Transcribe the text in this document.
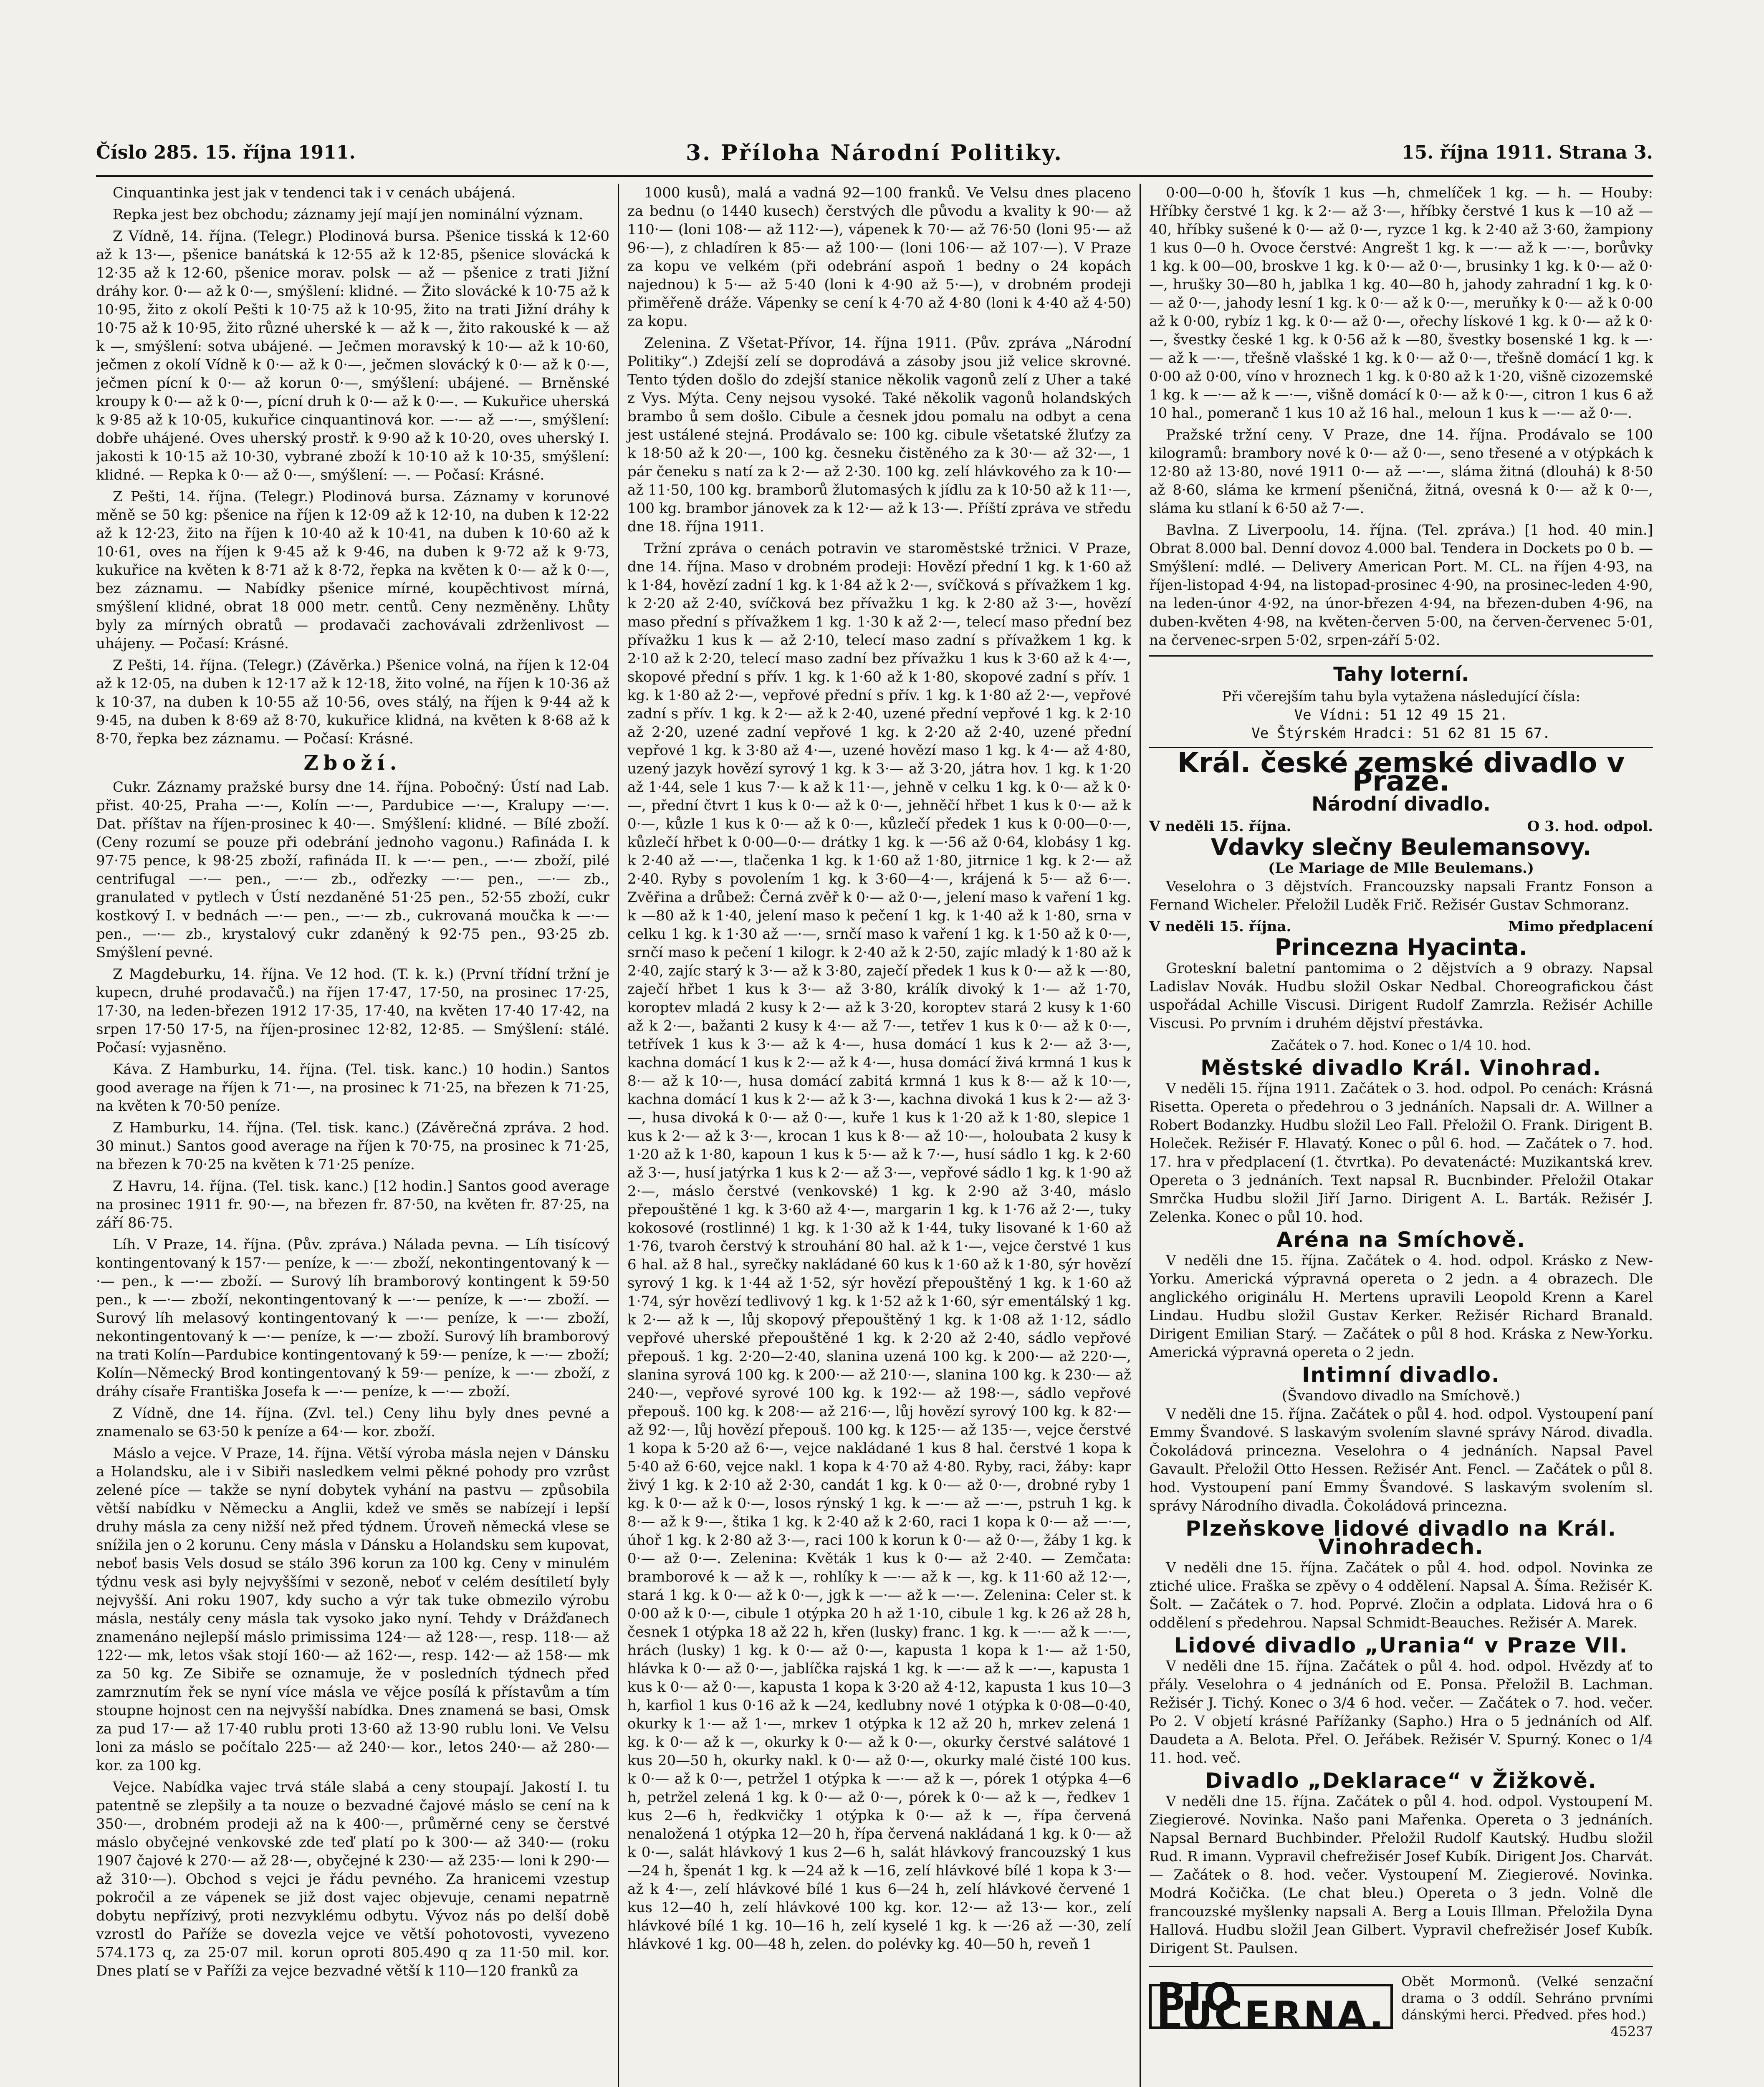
Číslo 285. 15. října 1911.	3. Příloha Národní Politiky.	15. října 1911. Strana 3.

Cinquantinka jest jak v tendenci tak i v cenách ubájená.

Repka jest bez obchodu; záznamy její mají jen nominální význam.

Z Vídně, 14. října. (Telegr.) Plodinová bursa. Pšenice tisská k 12·60 až k 13·—, pšenice banátská k 12·55 až k 12·85, pšenice slovácká k 12·35 až k 12·60, pšenice morav. polsk — až — pšenice z trati Jižní dráhy kor. 0·— až k 0·—, smýšlení: klidné. — Žito slovácké k 10·75 až k 10·95, žito z okolí Pešti k 10·75 až k 10·95, žito na trati Jižní dráhy k 10·75 až k 10·95, žito různé uherské k — až k —, žito rakouské k — až k —, smýšlení: sotva ubájené. — Ječmen moravský k 10·— až k 10·60, ječmen z okolí Vídně k 0·— až k 0·—, ječmen slovácký k 0·— až k 0·—, ječmen pícní k 0·— až korun 0·—, smýšlení: ubájené. — Brněnské kroupy k 0·— až k 0·—, pícní druh k 0·— až k 0·—. — Kukuřice uherská k 9·85 až k 10·05, kukuřice cinquantinová kor. —·— až —·—, smýšlení: dobře uhájené. Oves uherský prostř. k 9·90 až k 10·20, oves uherský I. jakosti k 10·15 až 10·30, vybrané zboží k 10·10 až k 10·35, smýšlení: klidné. — Repka k 0·— až 0·—, smýšlení: —. — Počasí: Krásné.

Z Pešti, 14. října. (Telegr.) Plodinová bursa. Záznamy v korunové měně se 50 kg: pšenice na říjen k 12·09 až k 12·10, na duben k 12·22 až k 12·23, žito na říjen k 10·40 až k 10·41, na duben k 10·60 až k 10·61, oves na říjen k 9·45 až k 9·46, na duben k 9·72 až k 9·73, kukuřice na květen k 8·71 až k 8·72, řepka na květen k 0·— až k 0·—, bez záznamu. — Nabídky pšenice mírné, koupěchtivost mírná, smýšlení klidné, obrat 18 000 metr. centů. Ceny nezměněny. Lhůty byly za mírných obratů — prodavači zachovávali zdrženlivost — uhájeny. — Počasí: Krásné.

Z Pešti, 14. října. (Telegr.) (Závěrka.) Pšenice volná, na říjen k 12·04 až k 12·05, na duben k 12·17 až k 12·18, žito volné, na říjen k 10·36 až k 10·37, na duben k 10·55 až 10·56, oves stálý, na říjen k 9·44 až k 9·45, na duben k 8·69 až 8·70, kukuřice klidná, na květen k 8·68 až k 8·70, řepka bez záznamu. — Počasí: Krásné.

Zboží.

Cukr. Záznamy pražské bursy dne 14. října. Pobočný: Ústí nad Lab. přist. 40·25, Praha —·—, Kolín —·—, Pardubice —·—, Kralupy —·—. Dat. příštav na říjen-prosinec k 40·—. Smýšlení: klidné. — Bílé zboží. (Ceny rozumí se pouze při odebrání jednoho vagonu.) Rafináda I. k 97·75 pence, k 98·25 zboží, rafináda II. k —·— pen., —·— zboží, pilé centrifugal —·— pen., —·— zb., odřezky —·— pen., —·— zb., granulated v pytlech v Ústí nezdaněné 51·25 pen., 52·55 zboží, cukr kostkový I. v bednách —·— pen., —·— zb., cukrovaná moučka k —·— pen., —·— zb., krystalový cukr zdaněný k 92·75 pen., 93·25 zb. Smýšlení pevné.

Z Magdeburku, 14. října. Ve 12 hod. (T. k. k.) (První třídní tržní je kupecn, druhé prodavačů.) na říjen 17·47, 17·50, na prosinec 17·25, 17·30, na leden-březen 1912 17·35, 17·40, na květen 17·40 17·42, na srpen 17·50 17·5, na říjen-prosinec 12·82, 12·85. — Smýšlení: stálé. Počasí: vyjasněno.

Káva. Z Hamburku, 14. října. (Tel. tisk. kanc.) 10 hodin.) Santos good average na říjen k 71·—, na prosinec k 71·25, na březen k 71·25, na květen k 70·50 peníze.

Z Hamburku, 14. října. (Tel. tisk. kanc.) (Závěrečná zpráva. 2 hod. 30 minut.) Santos good average na říjen k 70·75, na prosinec k 71·25, na březen k 70·25 na květen k 71·25 peníze.

Z Havru, 14. října. (Tel. tisk. kanc.) [12 hodin.] Santos good average na prosinec 1911 fr. 90·—, na březen fr. 87·50, na květen fr. 87·25, na září 86·75.

Líh. V Praze, 14. října. (Pův. zpráva.) Nálada pevna. — Líh tisícový kontingentovaný k 157·— peníze, k —·— zboží, nekontingentovaný k —·— pen., k —·— zboží. — Surový líh bramborový kontingent k 59·50 pen., k —·— zboží, nekontingentovaný k —·— peníze, k —·— zboží. — Surový líh melasový kontingentovaný k —·— peníze, k —·— zboží, nekontingentovaný k —·— peníze, k —·— zboží. Surový líh bramborový na trati Kolín—Pardubice kontingentovaný k 59·— peníze, k —·— zboží; Kolín—Německý Brod kontingentovaný k 59·— peníze, k —·— zboží, z dráhy císaře Františka Josefa k —·— peníze, k —·— zboží.

Z Vídně, dne 14. října. (Zvl. tel.) Ceny lihu byly dnes pevné a znamenalo se 63·50 k peníze a 64·— kor. zboží.

Máslo a vejce. V Praze, 14. října. Větší výroba másla nejen v Dánsku a Holandsku, ale i v Sibiři nasledkem velmi pěkné pohody pro vzrůst zelené píce — takže se nyní dobytek vyhání na pastvu — způsobila větší nabídku v Německu a Anglii, kdež ve směs se nabízejí i lepší druhy másla za ceny nižší než před týdnem. Úroveň německá vlese se snížila jen o 2 korunu. Ceny másla v Dánsku a Holandsku sem kupovat, neboť basis Vels dosud se stálo 396 korun za 100 kg. Ceny v minulém týdnu vesk asi byly nejvyššími v sezoně, neboť v celém desítiletí byly nejvyšší. Ani roku 1907, kdy sucho a výr tak tuke obmezilo výrobu másla, nestály ceny másla tak vysoko jako nyní. Tehdy v Drážďanech znamenáno nejlepší máslo primissima 124·— až 128·—, resp. 118·— až 122·— mk, letos však stojí 160·— až 162·—, resp. 142·— až 158·— mk za 50 kg. Ze Sibiře se oznamuje, že v posledních týdnech před zamrznutím řek se nyní více másla ve vějce posílá k přístavům a tím stoupne hojnost cen na nejvyšší nabídka. Dnes znamená se basi, Omsk za pud 17·— až 17·40 rublu proti 13·60 až 13·90 rublu loni. Ve Velsu loni za máslo se počítalo 225·— až 240·— kor., letos 240·— až 280·— kor. za 100 kg.

Vejce. Nabídka vajec trvá stále slabá a ceny stoupají. Jakostí I. tu patentně se zlepšily a ta nouze o bezvadné čajové máslo se cení na k 350·—, drobném prodeji až na k 400·—, průměrné ceny se čerstvé máslo obyčejné venkovské zde teď platí po k 300·— až 340·— (roku 1907 čajové k 270·— až 28·—, obyčejné k 230·— až 235·— loni k 290·— až 310·—). Obchod s vejci je řádu pevného. Za hranicemi vzestup pokročil a ze vápenek se již dost vajec objevuje, cenami nepatrně dobytu nepřízivý, proti nezvyklému odbytu. Vývoz nás po delší době vzrostl do Paříže se dovezla vejce ve větší pohotovosti, vyvezeno 574.173 q, za 25·07 mil. korun oproti 805.490 q za 11·50 mil. kor. Dnes platí se v Paříži za vejce bezvadné větší k 110—120 franků za

1000 kusů), malá a vadná 92—100 franků. Ve Velsu dnes placeno za bednu (o 1440 kusech) čerstvých dle původu a kvality k 90·— až 110·— (loni 108·— až 112·—), vápenek k 70·— až 76·50 (loni 95·— až 96·—), z chladíren k 85·— až 100·— (loni 106·— až 107·—). V Praze za kopu ve velkém (při odebrání aspoň 1 bedny o 24 kopách najednou) k 5·— až 5·40 (loni k 4·90 až 5·—), v drobném prodeji přiměřeně dráže. Vápenky se cení k 4·70 až 4·80 (loni k 4·40 až 4·50) za kopu.

Zelenina. Z Všetat-Přívor, 14. října 1911. (Pův. zpráva „Národní Politiky“.) Zdejší zelí se doprodává a zásoby jsou již velice skrovné. Tento týden došlo do zdejší stanice několik vagonů zelí z Uher a také z Vys. Mýta. Ceny nejsou vysoké. Také několik vagonů holandských brambo ů sem došlo. Cibule a česnek jdou pomalu na odbyt a cena jest ustálené stejná. Prodávalo se: 100 kg. cibule všetatské žluťzy za k 18·50 až k 20·—, 100 kg. česneku čistěného za k 30·— až 32·—, 1 pár čeneku s natí za k 2·— až 2·30. 100 kg. zelí hlávkového za k 10·— až 11·50, 100 kg. bramborů žlutomasých k jídlu za k 10·50 až k 11·—, 100 kg. brambor jánovek za k 12·— až k 13·—. Příští zpráva ve středu dne 18. října 1911.

Tržní zpráva o cenách potravin ve staroměstské tržnici. V Praze, dne 14. října. Maso v drobném prodeji: Hovězí přední 1 kg. k 1·60 až k 1·84, hovězí zadní 1 kg. k 1·84 až k 2·—, svíčková s přívažkem 1 kg. k 2·20 až 2·40, svíčková bez přívažku 1 kg. k 2·80 až 3·—, hovězí maso přední s přívažkem 1 kg. 1·30 k až 2·—, telecí maso přední bez přívažku 1 kus k — až 2·10, telecí maso zadní s přívažkem 1 kg. k 2·10 až k 2·20, telecí maso zadní bez přívažku 1 kus k 3·60 až k 4·—, skopové přední s přív. 1 kg. k 1·60 až k 1·80, skopové zadní s přív. 1 kg. k 1·80 až 2·—, vepřové přední s přív. 1 kg. k 1·80 až 2·—, vepřové zadní s přív. 1 kg. k 2·— až k 2·40, uzené přední vepřové 1 kg. k 2·10 až 2·20, uzené zadní vepřové 1 kg. k 2·20 až 2·40, uzené přední vepřové 1 kg. k 3·80 až 4·—, uzené hovězí maso 1 kg. k 4·— až 4·80, uzený jazyk hovězí syrový 1 kg. k 3·— až 3·20, játra hov. 1 kg. k 1·20 až 1·44, sele 1 kus 7·— k až k 11·—, jehně v celku 1 kg. k 0·— až k 0·—, přední čtvrt 1 kus k 0·— až k 0·—, jehněčí hřbet 1 kus k 0·— až k 0·—, kůzle 1 kus k 0·— až k 0·—, kůzlečí předek 1 kus k 0·00—0·—, kůzlečí hřbet k 0·00—0·— drátky 1 kg. k —·56 až 0·64, klobásy 1 kg. k 2·40 až —·—, tlačenka 1 kg. k 1·60 až 1·80, jitrnice 1 kg. k 2·— až 2·40. Ryby s povolením 1 kg. k 3·60—4·—, krájená k 5·— až 6·—. Zvěřina a drůbež: Černá zvěř k 0·— až 0·—, jelení maso k vaření 1 kg. k —80 až k 1·40, jelení maso k pečení 1 kg. k 1·40 až k 1·80, srna v celku 1 kg. k 1·30 až —·—, srnčí maso k vaření 1 kg. k 1·50 až k 0·—, srnčí maso k pečení 1 kilogr. k 2·40 až k 2·50, zajíc mladý k 1·80 až k 2·40, zajíc starý k 3·— až k 3·80, zaječí předek 1 kus k 0·— až k —·80, zaječí hřbet 1 kus k 3·— až 3·80, králík divoký k 1·— až 1·70, koroptev mladá 2 kusy k 2·— až k 3·20, koroptev stará 2 kusy k 1·60 až k 2·—, bažanti 2 kusy k 4·— až 7·—, tetřev 1 kus k 0·— až k 0·—, tetřívek 1 kus k 3·— až k 4·—, husa domácí 1 kus k 2·— až 3·—, kachna domácí 1 kus k 2·— až k 4·—, husa domácí živá krmná 1 kus k 8·— až k 10·—, husa domácí zabitá krmná 1 kus k 8·— až k 10·—, kachna domácí 1 kus k 2·— až k 3·—, kachna divoká 1 kus k 2·— až 3·—, husa divoká k 0·— až 0·—, kuře 1 kus k 1·20 až k 1·80, slepice 1 kus k 2·— až k 3·—, krocan 1 kus k 8·— až 10·—, holoubata 2 kusy k 1·20 až k 1·80, kapoun 1 kus k 5·— až k 7·—, husí sádlo 1 kg. k 2·60 až 3·—, husí jatýrka 1 kus k 2·— až 3·—, vepřové sádlo 1 kg. k 1·90 až 2·—, máslo čerstvé (venkovské) 1 kg. k 2·90 až 3·40, máslo přepouštěné 1 kg. k 3·60 až 4·—, margarin 1 kg. k 1·76 až 2·—, tuky kokosové (rostlinné) 1 kg. k 1·30 až k 1·44, tuky lisované k 1·60 až 1·76, tvaroh čerstvý k strouhání 80 hal. až k 1·—, vejce čerstvé 1 kus 6 hal. až 8 hal., syrečky nakládané 60 kus k 1·60 až k 1·80, sýr hovězí syrový 1 kg. k 1·44 až 1·52, sýr hovězí přepouštěný 1 kg. k 1·60 až 1·74, sýr hovězí tedlivový 1 kg. k 1·52 až k 1·60, sýr ementálský 1 kg. k 2·— až k —, lůj skopový přepouštěný 1 kg. k 1·08 až 1·12, sádlo vepřové uherské přepouštěné 1 kg. k 2·20 až 2·40, sádlo vepřové přepouš. 1 kg. 2·20—2·40, slanina uzená 100 kg. k 200·— až 220·—, slanina syrová 100 kg. k 200·— až 210·—, slanina 100 kg. k 230·— až 240·—, vepřové syrové 100 kg. k 192·— až 198·—, sádlo vepřové přepouš. 100 kg. k 208·— až 216·—, lůj hovězí syrový 100 kg. k 82·— až 92·—, lůj hovězí přepouš. 100 kg. k 125·— až 135·—, vejce čerstvé 1 kopa k 5·20 až 6·—, vejce nakládané 1 kus 8 hal. čerstvé 1 kopa k 5·40 až 6·60, vejce nakl. 1 kopa k 4·70 až 4·80. Ryby, raci, žáby: kapr živý 1 kg. k 2·10 až 2·30, candát 1 kg. k 0·— až 0·—, drobné ryby 1 kg. k 0·— až k 0·—, losos rýnský 1 kg. k —·— až —·—, pstruh 1 kg. k 8·— až k 9·—, štika 1 kg. k 2·40 až k 2·60, raci 1 kopa k 0·— až —·—, úhoř 1 kg. k 2·80 až 3·—, raci 100 k korun k 0·— až 0·—, žáby 1 kg. k 0·— až 0·—. Zelenina: Květák 1 kus k 0·— až 2·40. — Zemčata: bramborové k — až k —, rohlíky k —·— až k —, kg. k 11·60 až 12·—, stará 1 kg. k 0·— až k 0·—, jgk k —·— až k —·—. Zelenina: Celer st. k 0·00 až k 0·—, cibule 1 otýpka 20 h až 1·10, cibule 1 kg. k 26 až 28 h, česnek 1 otýpka 18 až 22 h, křen (lusky) franc. 1 kg. k —·— až k —·—, hrách (lusky) 1 kg. k 0·— až 0·—, kapusta 1 kopa k 1·— až 1·50, hlávka k 0·— až 0·—, jablíčka rajská 1 kg. k —·— až k —·—, kapusta 1 kus k 0·— až 0·—, kapusta 1 kopa k 3·20 až 4·12, kapusta 1 kus 10—3 h, karfiol 1 kus 0·16 až k —24, kedlubny nové 1 otýpka k 0·08—0·40, okurky k 1·— až 1·—, mrkev 1 otýpka k 12 až 20 h, mrkev zelená 1 kg. k 0·— až k —, okurky k 0·— až k 0·—, okurky čerstvé salátové 1 kus 20—50 h, okurky nakl. k 0·— až 0·—, okurky malé čisté 100 kus. k 0·— až k 0·—, petržel 1 otýpka k —·— až k —, pórek 1 otýpka 4—6 h, petržel zelená 1 kg. k 0·— až 0·—, pórek k 0·— až k —, ředkev 1 kus 2—6 h, ředkvičky 1 otýpka k 0·— až k —, řípa červená nenaložená 1 otýpka 12—20 h, řípa červená nakládaná 1 kg. k 0·— až k 0·—, salát hlávkový 1 kus 2—6 h, salát hlávkový francouzský 1 kus —24 h, špenát 1 kg. k —24 až k —16, zelí hlávkové bílé 1 kopa k 3·— až k 4·—, zelí hlávkové bílé 1 kus 6—24 h, zelí hlávkové červené 1 kus 12—40 h, zelí hlávkové 100 kg. kor. 12·— až 13·— kor., zelí hlávkové bílé 1 kg. 10—16 h, zelí kyselé 1 kg. k —·26 až —·30, zelí hlávkové 1 kg. 00—48 h, zelen. do polévky kg. 40—50 h, reveň 1

0·00—0·00 h, šťovík 1 kus —h, chmelíček 1 kg. — h. — Houby: Hříbky čerstvé 1 kg. k 2·— až 3·—, hříbky čerstvé 1 kus k —10 až —40, hříbky sušené k 0·— až 0·—, ryzce 1 kg. k 2·40 až 3·60, žampiony 1 kus 0—0 h. Ovoce čerstvé: Angrešt 1 kg. k —·— až k —·—, borůvky 1 kg. k 00—00, broskve 1 kg. k 0·— až 0·—, brusinky 1 kg. k 0·— až 0·—, hrušky 30—80 h, jablka 1 kg. 40—80 h, jahody zahradní 1 kg. k 0·— až 0·—, jahody lesní 1 kg. k 0·— až k 0·—, meruňky k 0·— až k 0·00 až k 0·00, rybíz 1 kg. k 0·— až 0·—, ořechy lískové 1 kg. k 0·— až k 0·—, švestky české 1 kg. k 0·56 až k —80, švestky bosenské 1 kg. k —·— až k —·—, třešně vlašské 1 kg. k 0·— až 0·—, třešně domácí 1 kg. k 0·00 až 0·00, víno v hroznech 1 kg. k 0·80 až k 1·20, višně cizozemské 1 kg. k —·— až k —·—, višně domácí k 0·— až k 0·—, citron 1 kus 6 až 10 hal., pomeranč 1 kus 10 až 16 hal., meloun 1 kus k —·— až 0·—.

Pražské tržní ceny. V Praze, dne 14. října. Prodávalo se 100 kilogramů: brambory nové k 0·— až 0·—, seno třesené a v otýpkách k 12·80 až 13·80, nové 1911 0·— až —·—, sláma žitná (dlouhá) k 8·50 až 8·60, sláma ke krmení pšeničná, žitná, ovesná k 0·— až k 0·—, sláma ku stlaní k 6·50 až 7·—.

Bavlna. Z Liverpoolu, 14. října. (Tel. zpráva.) [1 hod. 40 min.] Obrat 8.000 bal. Denní dovoz 4.000 bal. Tendera in Dockets po 0 b. — Smýšlení: mdlé. — Delivery American Port. M. CL. na říjen 4·93, na říjen-listopad 4·94, na listopad-prosinec 4·90, na prosinec-leden 4·90, na leden-únor 4·92, na únor-březen 4·94, na březen-duben 4·96, na duben-květen 4·98, na květen-červen 5·00, na červen-červenec 5·01, na červenec-srpen 5·02, srpen-září 5·02.

Tahy loterní.
Při včerejším tahu byla vytažena následující čísla:
Ve Vídni: 51 12 49 15 21.
Ve Štýrském Hradci: 51 62 81 15 67.
Král. české zemské divadlo v Praze.
Národní divadlo.
V neděli 15. října.	O 3. hod. odpol.
Vdavky slečny Beulemansovy.
(Le Mariage de Mlle Beulemans.)

Veselohra o 3 dějstvích. Francouzsky napsali Frantz Fonson a Fernand Wicheler. Přeložil Luděk Frič. Režisér Gustav Schmoranz.

V neděli 15. října.	Mimo předplacení
Princezna Hyacinta.

Groteskní baletní pantomima o 2 dějstvích a 9 obrazy. Napsal Ladislav Novák. Hudbu složil Oskar Nedbal. Choreografickou část uspořádal Achille Viscusi. Dirigent Rudolf Zamrzla. Režisér Achille Viscusi. Po prvním i druhém dějství přestávka.

Začátek o 7. hod. Konec o 1/4 10. hod.
Městské divadlo Král. Vinohrad.

V neděli 15. října 1911. Začátek o 3. hod. odpol. Po cenách: Krásná Risetta. Opereta o předehrou o 3 jednáních. Napsali dr. A. Willner a Robert Bodanzky. Hudbu složil Leo Fall. Přeložil O. Frank. Dirigent B. Holeček. Režisér F. Hlavatý. Konec o půl 6. hod. — Začátek o 7. hod. 17. hra v předplacení (1. čtvrtka). Po devatenácté: Muzikantská krev. Opereta o 3 jednáních. Text napsal R. Bucnbinder. Přeložil Otakar Smrčka Hudbu složil Jiří Jarno. Dirigent A. L. Barták. Režisér J. Zelenka. Konec o půl 10. hod.

Aréna na Smíchově.

V neděli dne 15. října. Začátek o 4. hod. odpol. Krásko z New-Yorku. Americká výpravná opereta o 2 jedn. a 4 obrazech. Dle anglického originálu H. Mertens upravili Leopold Krenn a Karel Lindau. Hudbu složil Gustav Kerker. Režisér Richard Branald. Dirigent Emilian Starý. — Začátek o půl 8 hod. Kráska z New-Yorku. Americká výpravná opereta o 2 jedn.

Intimní divadlo.
(Švandovo divadlo na Smíchově.)

V neděli dne 15. října. Začátek o půl 4. hod. odpol. Vystoupení paní Emmy Švandové. S laskavým svolením slavné správy Národ. divadla. Čokoládová princezna. Veselohra o 4 jednáních. Napsal Pavel Gavault. Přeložil Otto Hessen. Režisér Ant. Fencl. — Začátek o půl 8. hod. Vystoupení paní Emmy Švandové. S laskavým svolením sl. správy Národního divadla. Čokoládová princezna.

Plzeňskove lidové divadlo na Král. Vinohradech.

V neděli dne 15. října. Začátek o půl 4. hod. odpol. Novinka ze ztiché ulice. Fraška se zpěvy o 4 oddělení. Napsal A. Šíma. Režisér K. Šolt. — Začátek o 7. hod. Poprvé. Zločin a odplata. Lidová hra o 6 oddělení s předehrou. Napsal Schmidt-Beauches. Režisér A. Marek.

Lidové divadlo „Urania“ v Praze VII.

V neděli dne 15. října. Začátek o půl 4. hod. odpol. Hvězdy ať to přály. Veselohra o 4 jednáních od E. Ponsa. Přeložil B. Lachman. Režisér J. Tichý. Konec o 3/4 6 hod. večer. — Začátek o 7. hod. večer. Po 2. V objetí krásné Pařížanky (Sapho.) Hra o 5 jednáních od Alf. Daudeta a A. Belota. Přel. O. Jeřábek. Režisér V. Spurný. Konec o 1/4 11. hod. več.

Divadlo „Deklarace“ v Žižkově.

V neděli dne 15. října. Začátek o půl 4. hod. odpol. Vystoupení M. Ziegierové. Novinka. Našo pani Mařenka. Opereta o 3 jednáních. Napsal Bernard Buchbinder. Přeložil Rudolf Kautský. Hudbu složil Rud. R imann. Vypravil chefrežisér Josef Kubík. Dirigent Jos. Charvát. — Začátek o 8. hod. večer. Vystoupení M. Ziegierové. Novinka. Modrá Kočička. (Le chat bleu.) Opereta o 3 jedn. Volně dle francouzské myšlenky napsali A. Berg a Louis Illman. Přeložila Dyna Hallová. Hudbu složil Jean Gilbert. Vypravil chefrežisér Josef Kubík. Dirigent St. Paulsen.

BIO LUCERNA.
Obět Mormonů. (Velké senzační drama o 3 oddíl. Sehráno prvními dánskými herci. Předved. přes hod.)
45237
